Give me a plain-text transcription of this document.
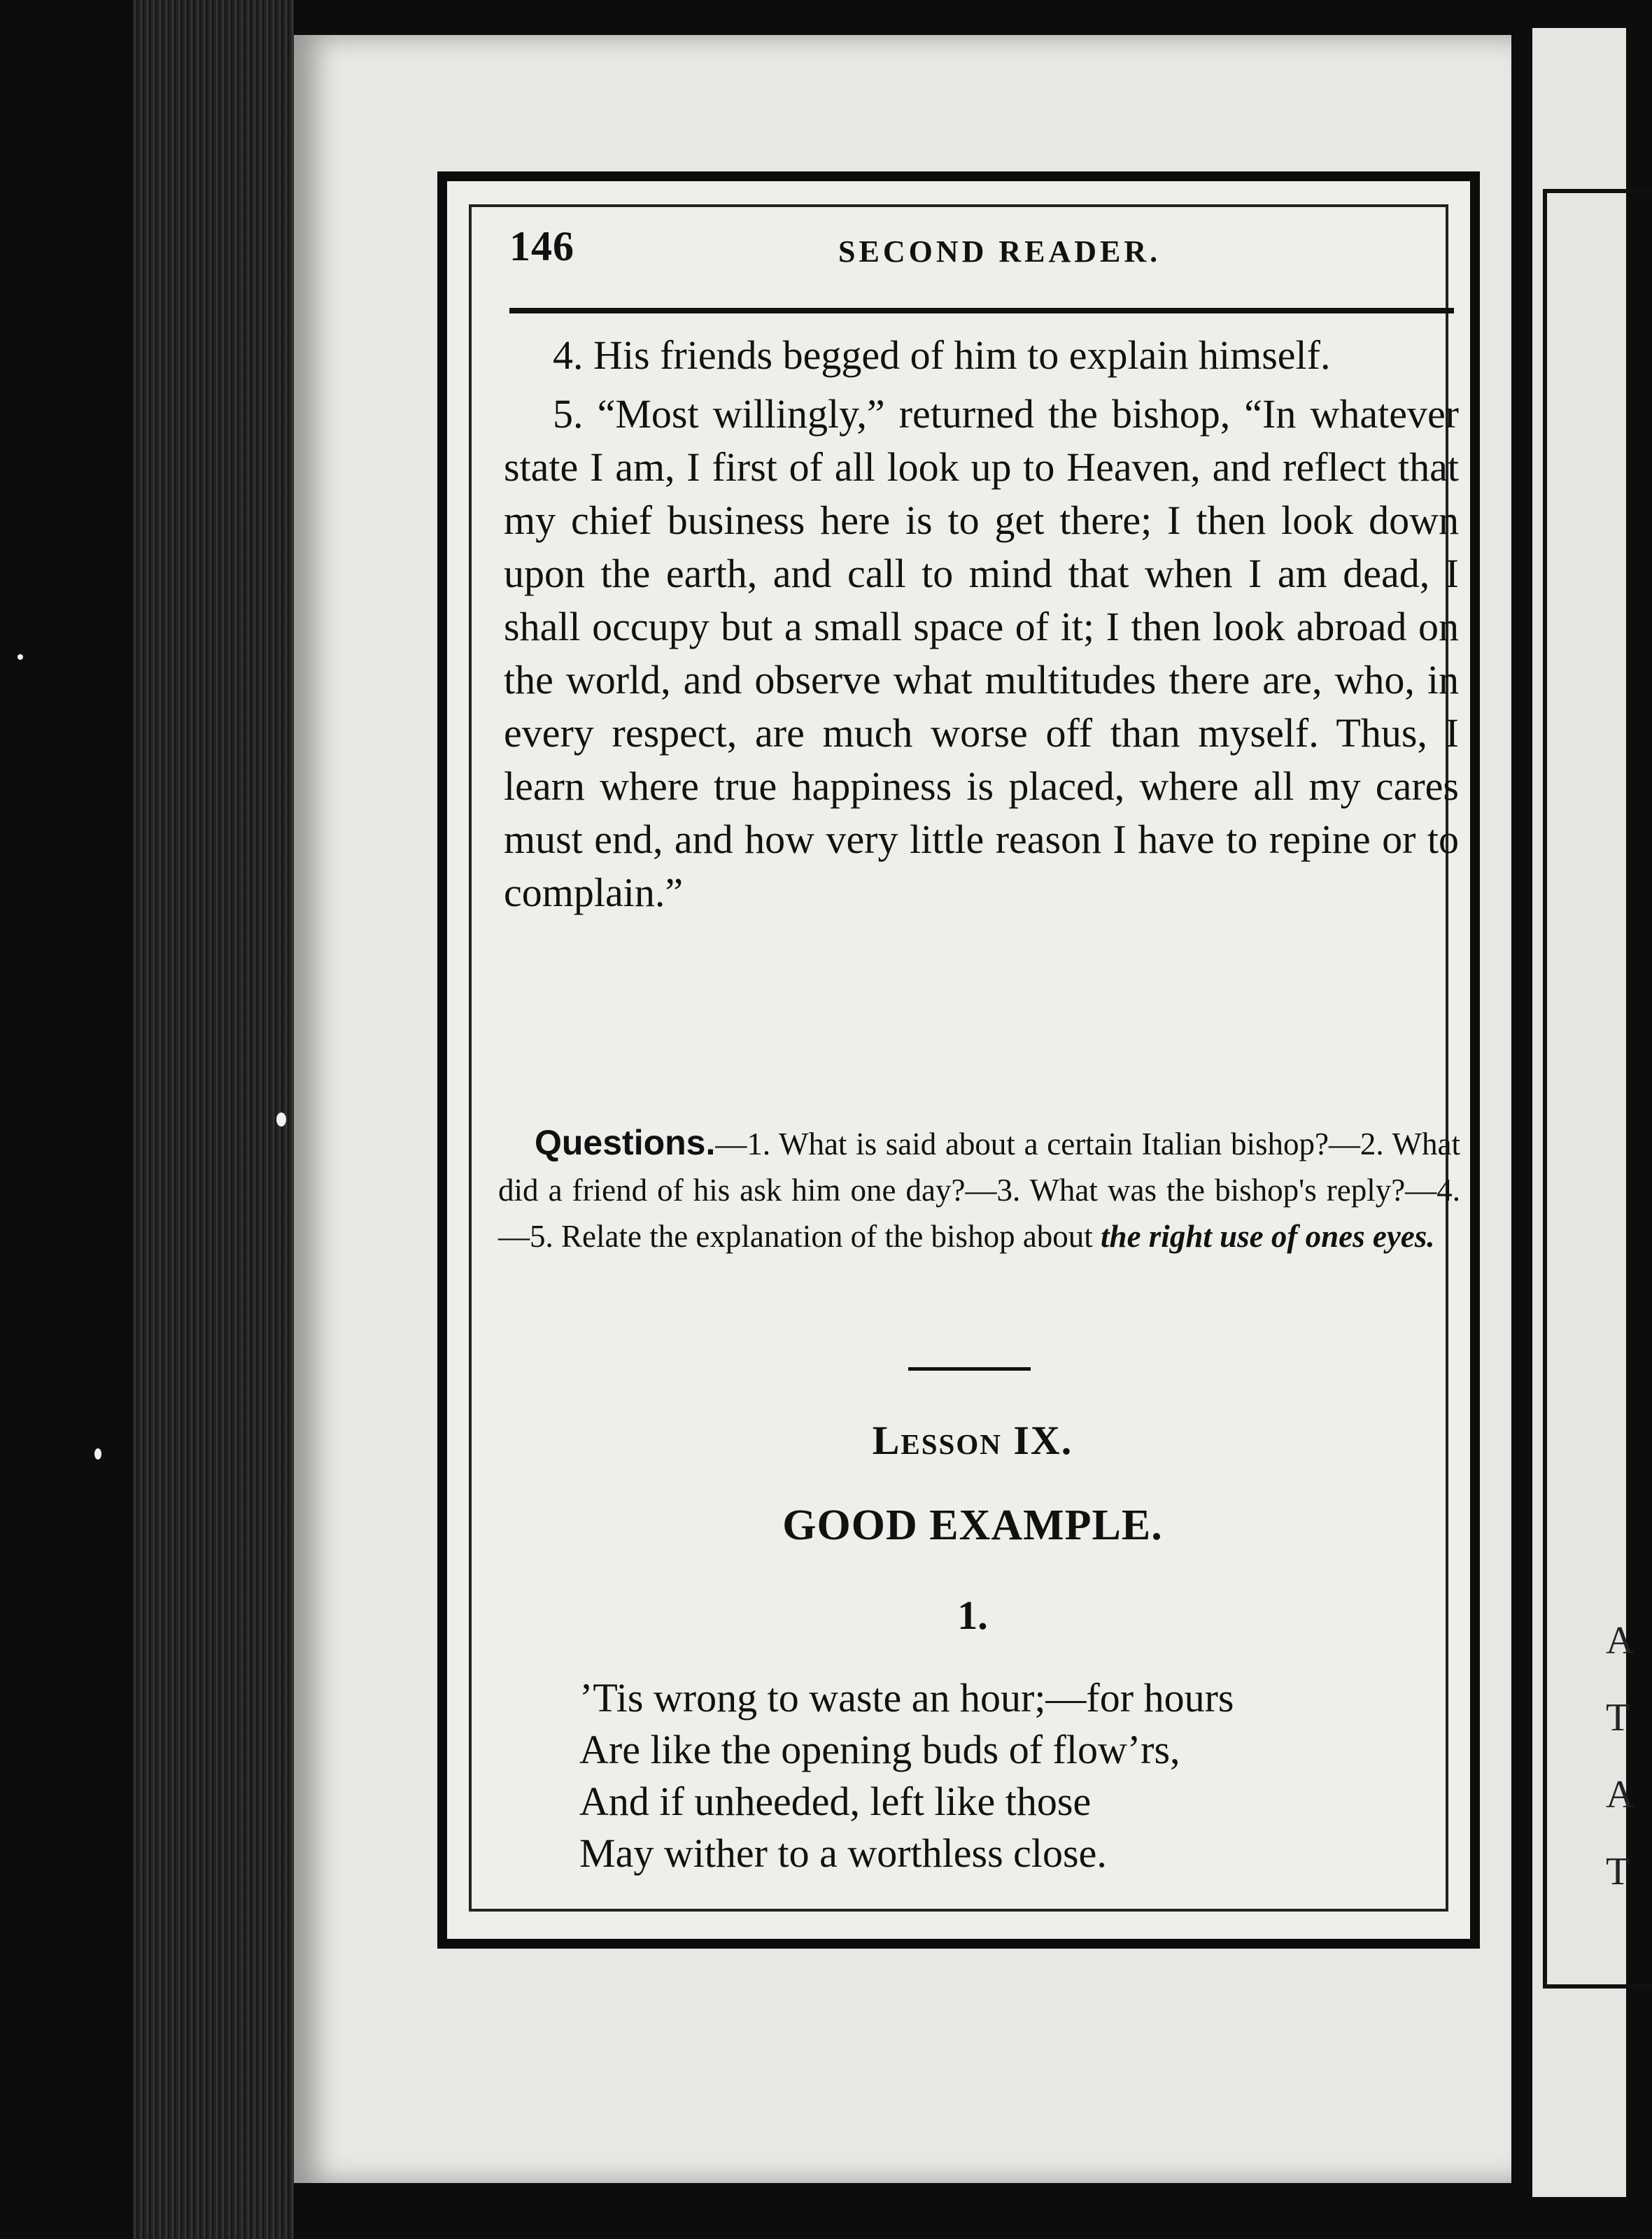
A
T
A
T
146	SECOND READER.

4. His friends begged of him to explain himself.

5. “Most willingly,” returned the bishop, “In whatever state I am, I first of all look up to Heaven, and reflect that my chief business here is to get there; I then look down upon the earth, and call to mind that when I am dead, I shall occupy but a small space of it; I then look abroad on the world, and observe what multitudes there are, who, in every respect, are much worse off than myself. Thus, I learn where true happiness is placed, where all my cares must end, and how very little reason I have to repine or to complain.”

Questions.—1. What is said about a certain Italian bishop?—2. What did a friend of his ask him one day?—3. What was the bishop's reply?—4.—5. Relate the explanation of the bishop about the right use of ones eyes.
Lesson IX.
GOOD EXAMPLE.
1.
’Tis wrong to waste an hour;—for hours
Are like the opening buds of flow’rs,
And if unheeded, left like those
May wither to a worthless close.
